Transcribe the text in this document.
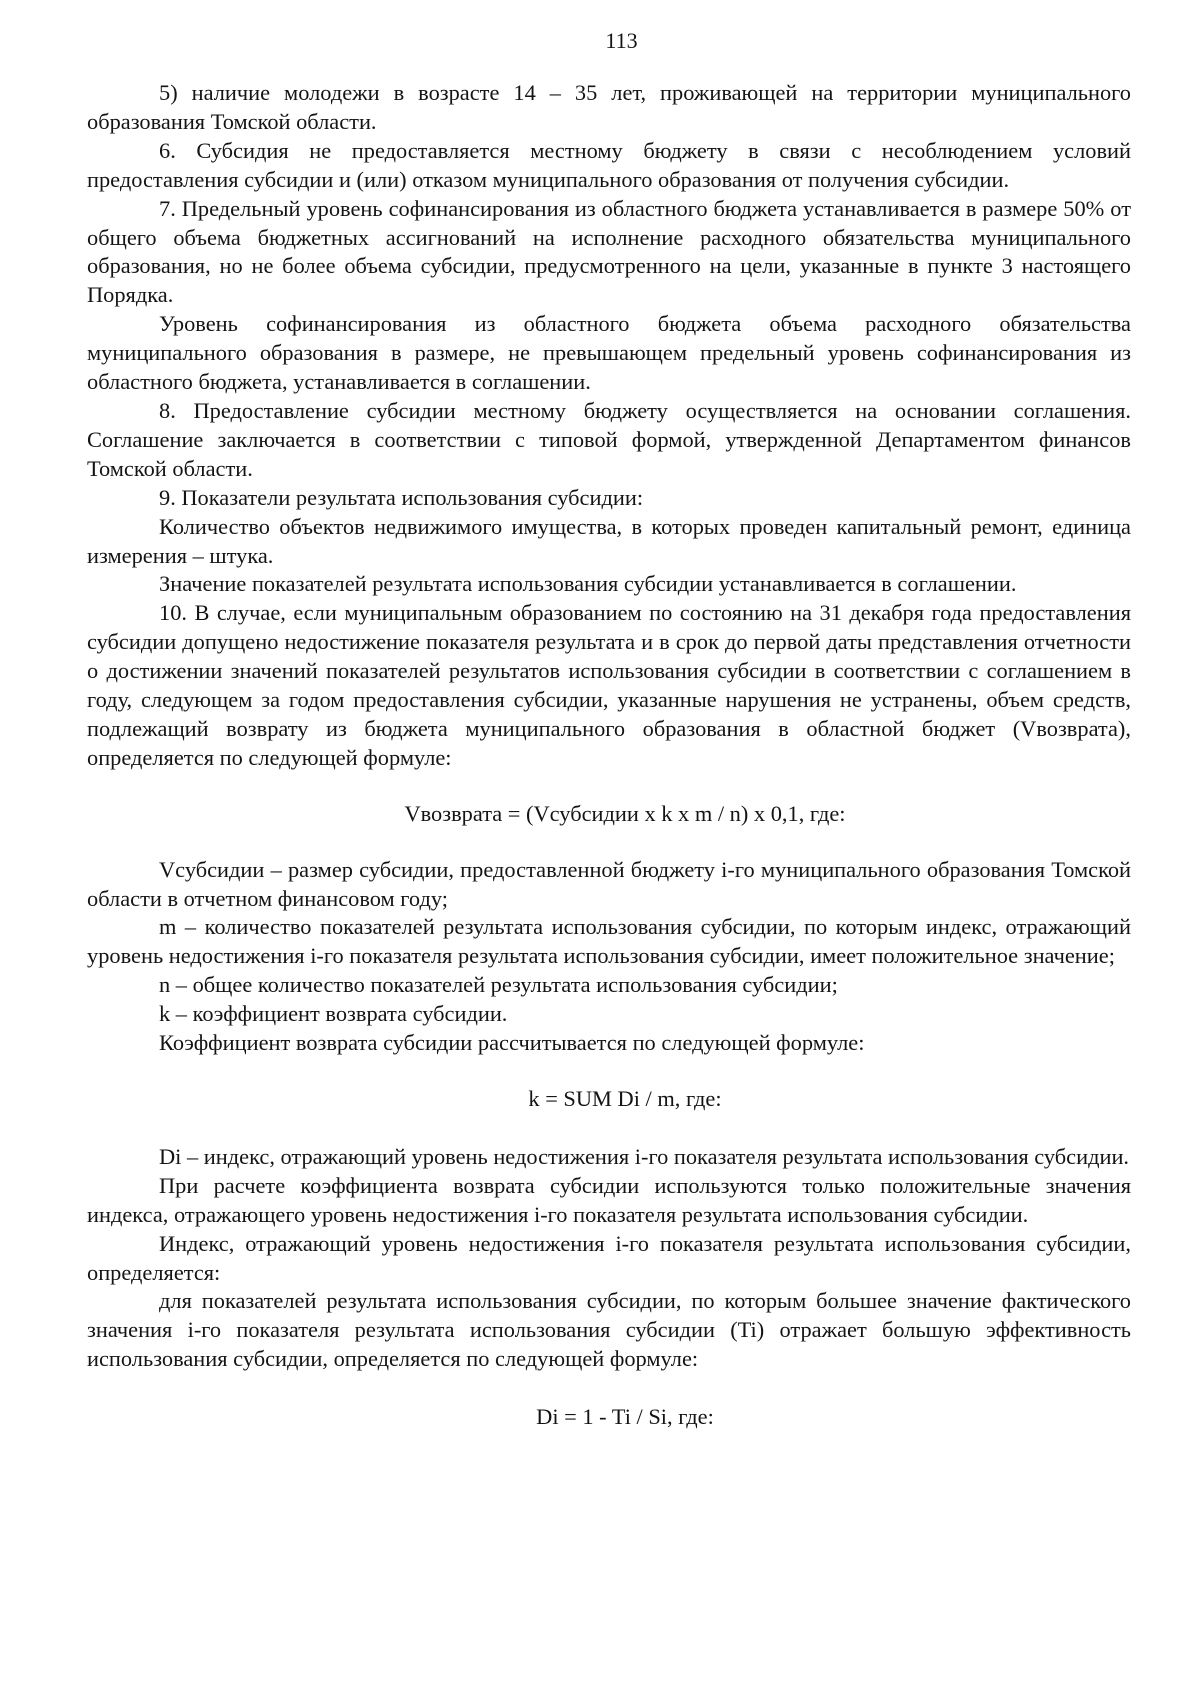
113

5) наличие молодежи в возрасте 14 – 35 лет, проживающей на территории муниципального образования Томской области.

6. Субсидия не предоставляется местному бюджету в связи с несоблюдением условий предоставления субсидии и (или) отказом муниципального образования от получения субсидии.

7. Предельный уровень софинансирования из областного бюджета устанавливается в размере 50% от общего объема бюджетных ассигнований на исполнение расходного обязательства муниципального образования, но не более объема субсидии, предусмотренного на цели, указанные в пункте 3 настоящего Порядка.

Уровень софинансирования из областного бюджета объема расходного обязательства муниципального образования в размере, не превышающем предельный уровень софинансирования из областного бюджета, устанавливается в соглашении.

8. Предоставление субсидии местному бюджету осуществляется на основании соглашения. Соглашение заключается в соответствии с типовой формой, утвержденной Департаментом финансов Томской области.

9. Показатели результата использования субсидии:

Количество объектов недвижимого имущества, в которых проведен капитальный ремонт, единица измерения – штука.

Значение показателей результата использования субсидии устанавливается в соглашении.

10. В случае, если муниципальным образованием по состоянию на 31 декабря года предоставления субсидии допущено недостижение показателя результата и в срок до первой даты представления отчетности о достижении значений показателей результатов использования субсидии в соответствии с соглашением в году, следующем за годом предоставления субсидии, указанные нарушения не устранены, объем средств, подлежащий возврату из бюджета муниципального образования в областной бюджет (Vвозврата), определяется по следующей формуле:

Vвозврата = (Vсубсидии x k x m / n) x 0,1, где:

Vсубсидии – размер субсидии, предоставленной бюджету i-го муниципального образования Томской области в отчетном финансовом году;

m – количество показателей результата использования субсидии, по которым индекс, отражающий уровень недостижения i-го показателя результата использования субсидии, имеет положительное значение;

n – общее количество показателей результата использования субсидии;

k – коэффициент возврата субсидии.

Коэффициент возврата субсидии рассчитывается по следующей формуле:

k = SUM Di / m, где:

Di – индекс, отражающий уровень недостижения i-го показателя результата использования субсидии.

При расчете коэффициента возврата субсидии используются только положительные значения индекса, отражающего уровень недостижения i-го показателя результата использования субсидии.

Индекс, отражающий уровень недостижения i-го показателя результата использования субсидии, определяется:

для показателей результата использования субсидии, по которым большее значение фактического значения i-го показателя результата использования субсидии (Ti) отражает большую эффективность использования субсидии, определяется по следующей формуле:

Di = 1 - Ti / Si, где:
